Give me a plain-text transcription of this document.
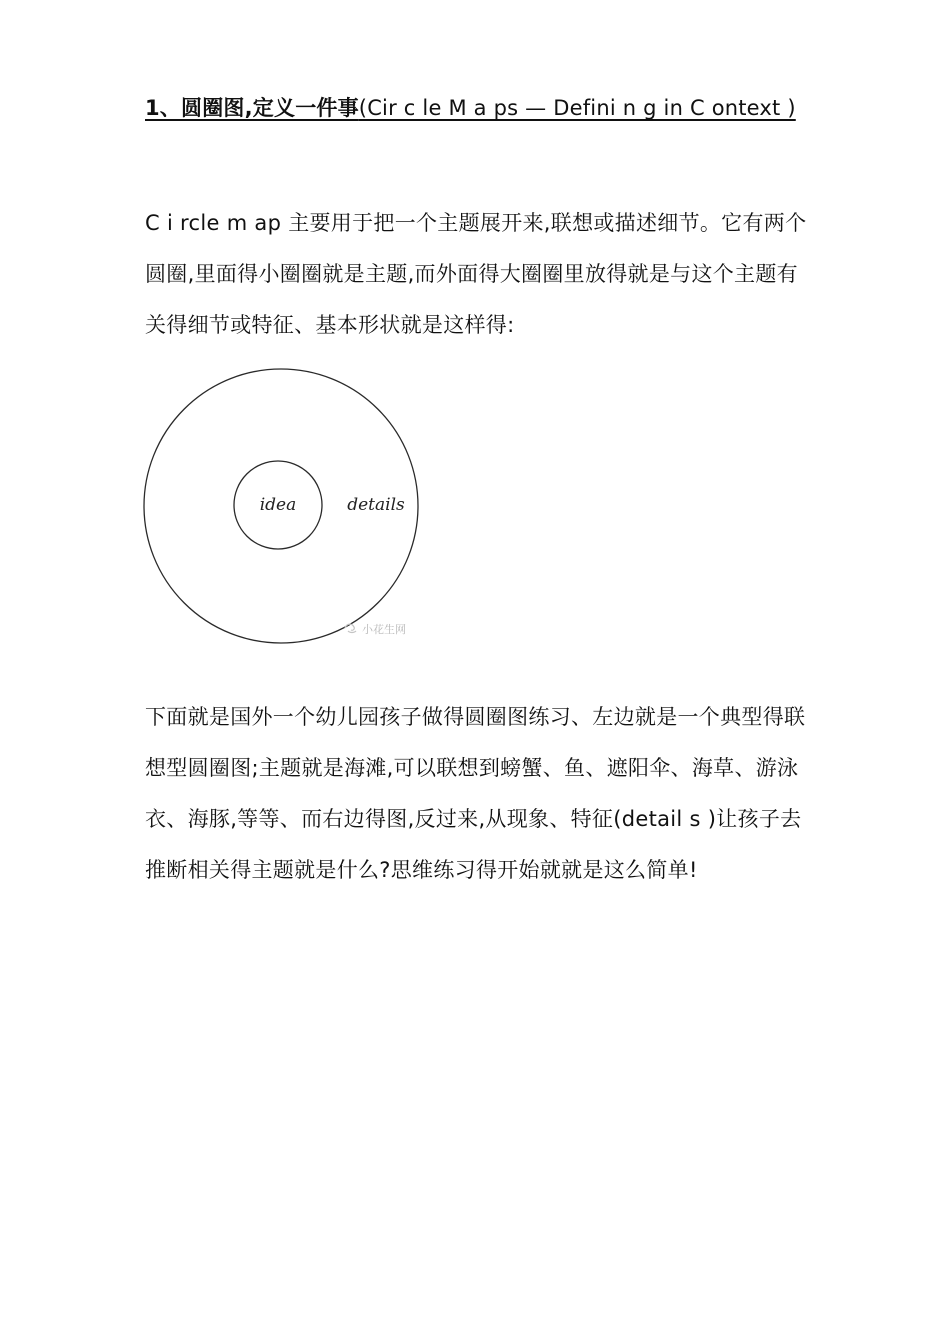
1、圆圈图,定义一件事(Cir c le M a ps — Defini n g in C ontext )
C i rcle m ap 主要用于把一个主题展开来,联想或描述细节。它有两个圆圈,里面得小圈圈就是主题,而外面得大圈圈里放得就是与这个主题有关得细节或特征、基本形状就是这样得:
idea	details
小花生网
下面就是国外一个幼儿园孩子做得圆圈图练习、左边就是一个典型得联想型圆圈图;主题就是海滩,可以联想到螃蟹、鱼、遮阳伞、海草、游泳衣、海豚,等等、而右边得图,反过来,从现象、特征(detail s )让孩子去推断相关得主题就是什么?思维练习得开始就就是这么简单!
